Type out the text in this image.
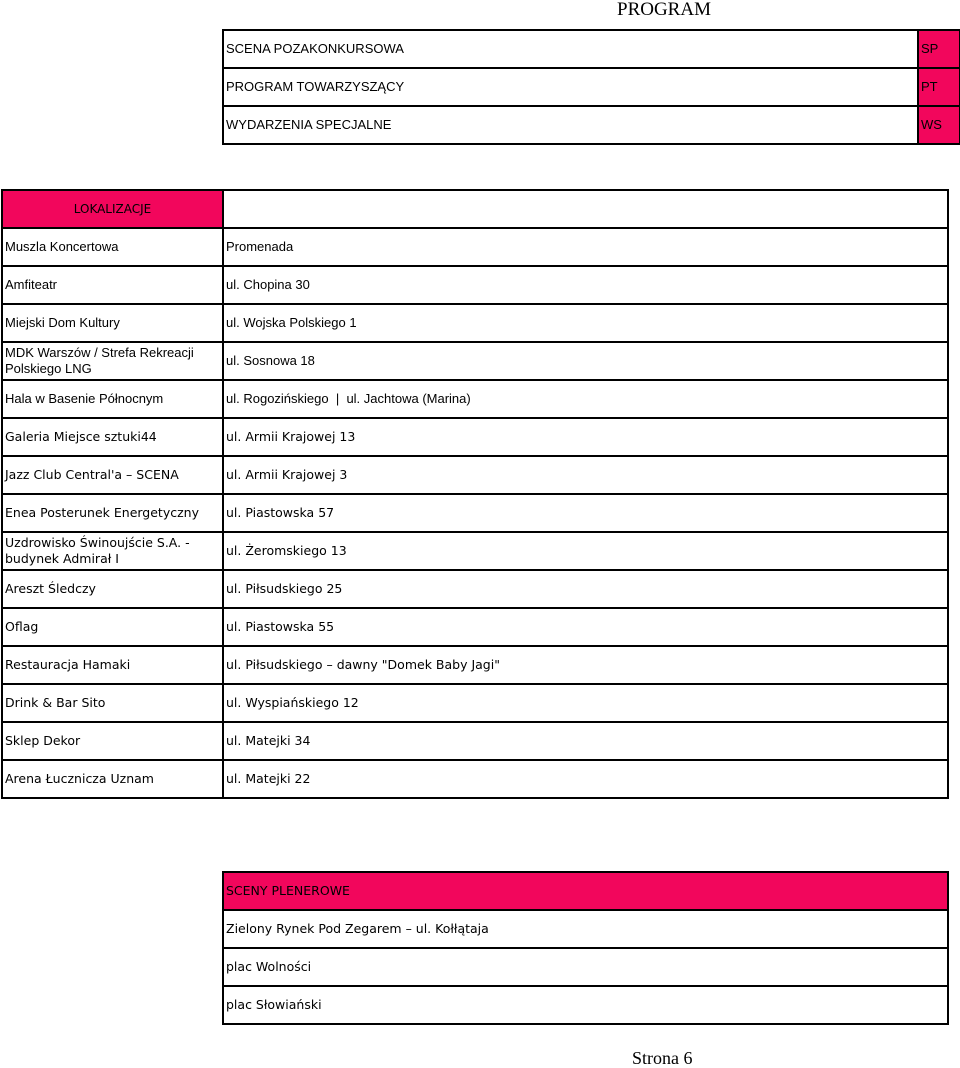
PROGRAM
SCENA POZAKONKURSOWA	SP
PROGRAM TOWARZYSZĄCY	PT
WYDARZENIA SPECJALNE	WS
LOKALIZACJE	
Muszla Koncertowa	Promenada
Amfiteatr	ul. Chopina 30
Miejski Dom Kultury	ul. Wojska Polskiego 1
MDK Warszów / Strefa Rekreacji Polskiego LNG	ul. Sosnowa 18
Hala w Basenie Północnym	ul. Rogozińskiego  |  ul. Jachtowa (Marina)
Galeria Miejsce sztuki44	ul. Armii Krajowej 13
Jazz Club Central'a – SCENA	ul. Armii Krajowej 3
Enea Posterunek Energetyczny	ul. Piastowska 57
Uzdrowisko Świnoujście S.A. - budynek Admirał I	ul. Żeromskiego 13
Areszt Śledczy	ul. Piłsudskiego 25
Oflag	ul. Piastowska 55
Restauracja Hamaki	ul. Piłsudskiego – dawny "Domek Baby Jagi"
Drink & Bar Sito	ul. Wyspiańskiego 12
Sklep Dekor	ul. Matejki 34
Arena Łucznicza Uznam	ul. Matejki 22
SCENY PLENEROWE
Zielony Rynek Pod Zegarem – ul. Kołłątaja
plac Wolności
plac Słowiański
Strona 6
